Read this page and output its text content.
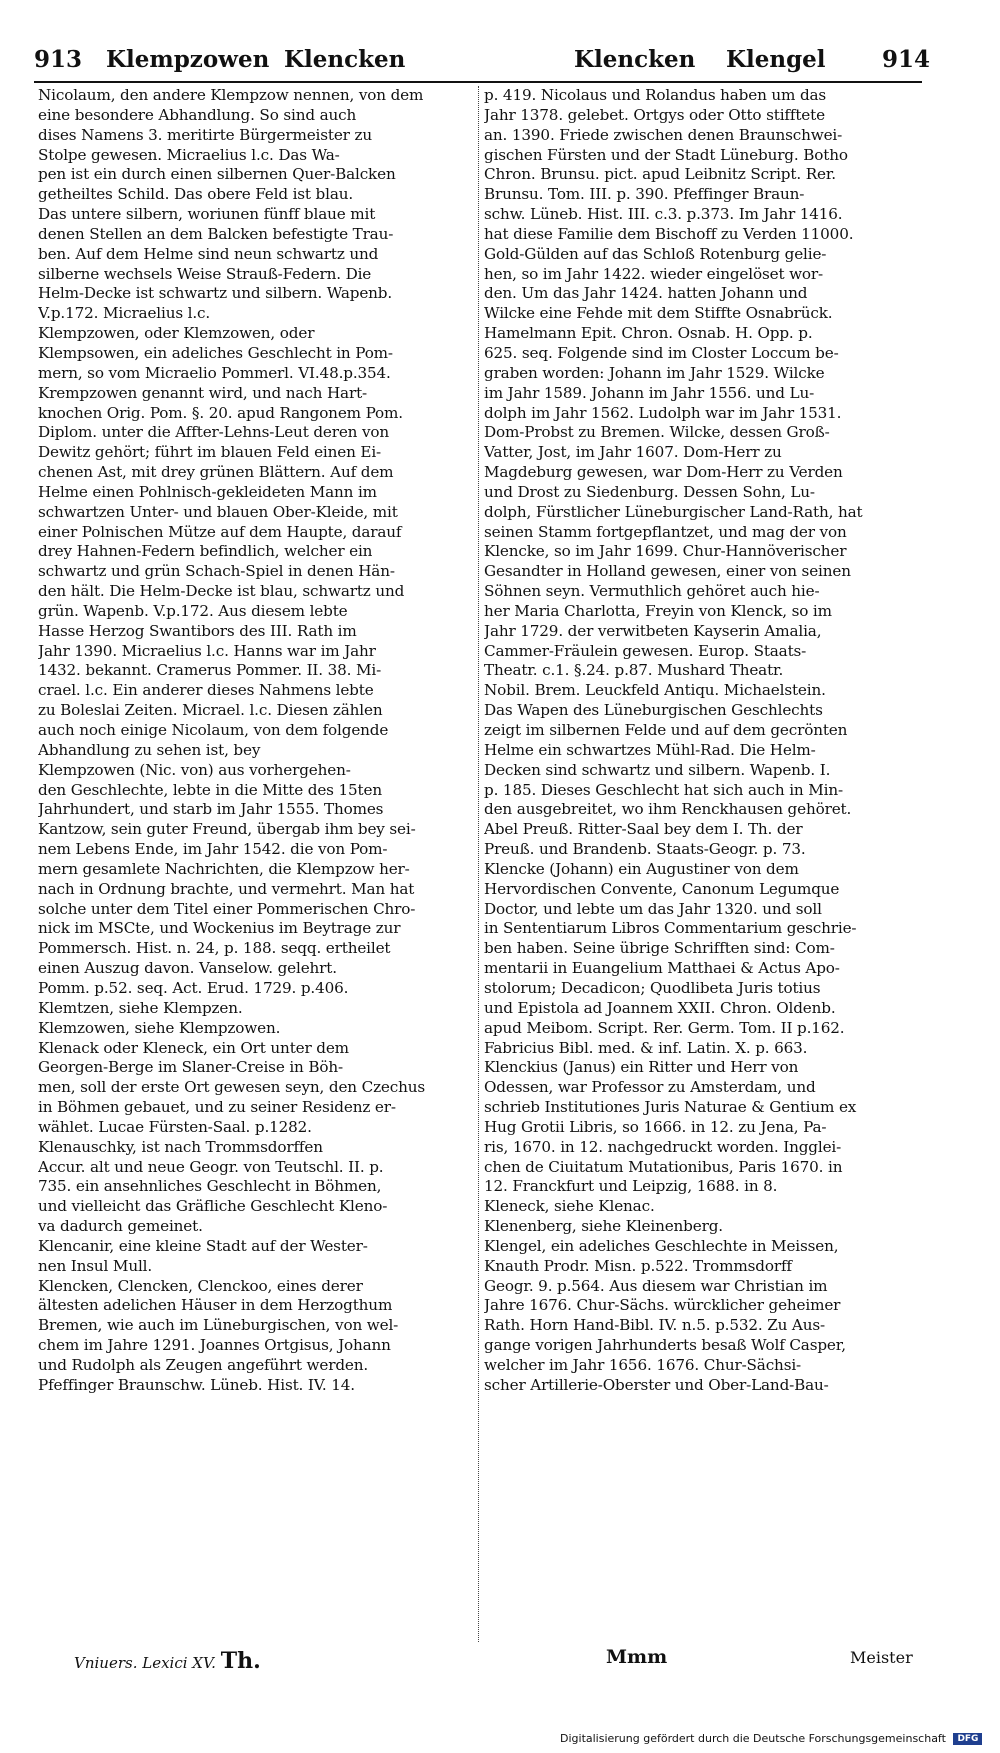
913 Klempzowen Klencken	Klencken Klengel 914

Nicolaum, den andere Klempzow nennen, von dem

eine besondere Abhandlung. So sind auch

dises Namens 3. meritirte Bürgermeister zu

Stolpe gewesen. Micraelius l.c. Das Wa-

pen ist ein durch einen silbernen Quer-Balcken

getheiltes Schild. Das obere Feld ist blau.

Das untere silbern, woriunen fünff blaue mit

denen Stellen an dem Balcken befestigte Trau-

ben. Auf dem Helme sind neun schwartz und

silberne wechsels Weise Strauß-Federn. Die

Helm-Decke ist schwartz und silbern. Wapenb.

V.p.172. Micraelius l.c.

Klempzowen, oder Klemzowen, oder

Klempsowen, ein adeliches Geschlecht in Pom-

mern, so vom Micraelio Pommerl. VI.48.p.354.

Krempzowen genannt wird, und nach Hart-

knochen Orig. Pom. §. 20. apud Rangonem Pom.

Diplom. unter die Affter-Lehns-Leut deren von

Dewitz gehört; führt im blauen Feld einen Ei-

chenen Ast, mit drey grünen Blättern. Auf dem

Helme einen Pohlnisch-gekleideten Mann im

schwartzen Unter- und blauen Ober-Kleide, mit

einer Polnischen Mütze auf dem Haupte, darauf

drey Hahnen-Federn befindlich, welcher ein

schwartz und grün Schach-Spiel in denen Hän-

den hält. Die Helm-Decke ist blau, schwartz und

grün. Wapenb. V.p.172. Aus diesem lebte

Hasse Herzog Swantibors des III. Rath im

Jahr 1390. Micraelius l.c. Hanns war im Jahr

1432. bekannt. Cramerus Pommer. II. 38. Mi-

crael. l.c. Ein anderer dieses Nahmens lebte

zu Boleslai Zeiten. Micrael. l.c. Diesen zählen

auch noch einige Nicolaum, von dem folgende

Abhandlung zu sehen ist, bey

Klempzowen (Nic. von) aus vorhergehen-

den Geschlechte, lebte in die Mitte des 15ten

Jahrhundert, und starb im Jahr 1555. Thomes

Kantzow, sein guter Freund, übergab ihm bey sei-

nem Lebens Ende, im Jahr 1542. die von Pom-

mern gesamlete Nachrichten, die Klempzow her-

nach in Ordnung brachte, und vermehrt. Man hat

solche unter dem Titel einer Pommerischen Chro-

nick im MSCte, und Wockenius im Beytrage zur

Pommersch. Hist. n. 24, p. 188. seqq. ertheilet

einen Auszug davon. Vanselow. gelehrt.

Pomm. p.52. seq. Act. Erud. 1729. p.406.

Klemtzen, siehe Klempzen.

Klemzowen, siehe Klempzowen.

Klenack oder Kleneck, ein Ort unter dem

Georgen-Berge im Slaner-Creise in Böh-

men, soll der erste Ort gewesen seyn, den Czechus

in Böhmen gebauet, und zu seiner Residenz er-

wählet. Lucae Fürsten-Saal. p.1282.

Klenauschky, ist nach Trommsdorffen

Accur. alt und neue Geogr. von Teutschl. II. p.

735. ein ansehnliches Geschlecht in Böhmen,

und vielleicht das Gräfliche Geschlecht Kleno-

va dadurch gemeinet.

Klencanir, eine kleine Stadt auf der Wester-

nen Insul Mull.

Klencken, Clencken, Clenckoo, eines derer

ältesten adelichen Häuser in dem Herzogthum

Bremen, wie auch im Lüneburgischen, von wel-

chem im Jahre 1291. Joannes Ortgisus, Johann

und Rudolph als Zeugen angeführt werden.

Pfeffinger Braunschw. Lüneb. Hist. IV. 14.

p. 419. Nicolaus und Rolandus haben um das

Jahr 1378. gelebet. Ortgys oder Otto stifftete

an. 1390. Friede zwischen denen Braunschwei-

gischen Fürsten und der Stadt Lüneburg. Botho

Chron. Brunsu. pict. apud Leibnitz Script. Rer.

Brunsu. Tom. III. p. 390. Pfeffinger Braun-

schw. Lüneb. Hist. III. c.3. p.373. Im Jahr 1416.

hat diese Familie dem Bischoff zu Verden 11000.

Gold-Gülden auf das Schloß Rotenburg gelie-

hen, so im Jahr 1422. wieder eingelöset wor-

den. Um das Jahr 1424. hatten Johann und

Wilcke eine Fehde mit dem Stiffte Osnabrück.

Hamelmann Epit. Chron. Osnab. H. Opp. p.

625. seq. Folgende sind im Closter Loccum be-

graben worden: Johann im Jahr 1529. Wilcke

im Jahr 1589. Johann im Jahr 1556. und Lu-

dolph im Jahr 1562. Ludolph war im Jahr 1531.

Dom-Probst zu Bremen. Wilcke, dessen Groß-

Vatter, Jost, im Jahr 1607. Dom-Herr zu

Magdeburg gewesen, war Dom-Herr zu Verden

und Drost zu Siedenburg. Dessen Sohn, Lu-

dolph, Fürstlicher Lüneburgischer Land-Rath, hat

seinen Stamm fortgepflantzet, und mag der von

Klencke, so im Jahr 1699. Chur-Hannöverischer

Gesandter in Holland gewesen, einer von seinen

Söhnen seyn. Vermuthlich gehöret auch hie-

her Maria Charlotta, Freyin von Klenck, so im

Jahr 1729. der verwitbeten Kayserin Amalia,

Cammer-Fräulein gewesen. Europ. Staats-

Theatr. c.1. §.24. p.87. Mushard Theatr.

Nobil. Brem. Leuckfeld Antiqu. Michaelstein.

Das Wapen des Lüneburgischen Geschlechts

zeigt im silbernen Felde und auf dem gecrönten

Helme ein schwartzes Mühl-Rad. Die Helm-

Decken sind schwartz und silbern. Wapenb. I.

p. 185. Dieses Geschlecht hat sich auch in Min-

den ausgebreitet, wo ihm Renckhausen gehöret.

Abel Preuß. Ritter-Saal bey dem I. Th. der

Preuß. und Brandenb. Staats-Geogr. p. 73.

Klencke (Johann) ein Augustiner von dem

Hervordischen Convente, Canonum Legumque

Doctor, und lebte um das Jahr 1320. und soll

in Sententiarum Libros Commentarium geschrie-

ben haben. Seine übrige Schrifften sind: Com-

mentarii in Euangelium Matthaei & Actus Apo-

stolorum; Decadicon; Quodlibeta Juris totius

und Epistola ad Joannem XXII. Chron. Oldenb.

apud Meibom. Script. Rer. Germ. Tom. II p.162.

Fabricius Bibl. med. & inf. Latin. X. p. 663.

Klenckius (Janus) ein Ritter und Herr von

Odessen, war Professor zu Amsterdam, und

schrieb Institutiones Juris Naturae & Gentium ex

Hug Grotii Libris, so 1666. in 12. zu Jena, Pa-

ris, 1670. in 12. nachgedruckt worden. Ingglei-

chen de Ciuitatum Mutationibus, Paris 1670. in

12. Franckfurt und Leipzig, 1688. in 8.

Kleneck, siehe Klenac.

Klenenberg, siehe Kleinenberg.

Klengel, ein adeliches Geschlechte in Meissen,

Knauth Prodr. Misn. p.522. Trommsdorff

Geogr. 9. p.564. Aus diesem war Christian im

Jahre 1676. Chur-Sächs. würcklicher geheimer

Rath. Horn Hand-Bibl. IV. n.5. p.532. Zu Aus-

gange vorigen Jahrhunderts besaß Wolf Casper,

welcher im Jahr 1656. 1676. Chur-Sächsi-

scher Artillerie-Oberster und Ober-Land-Bau-

Vniuers. Lexici XV. Th.	Mmm	Meister
Digitalisierung gefördert durch die Deutsche Forschungsgemeinschaft DFG
